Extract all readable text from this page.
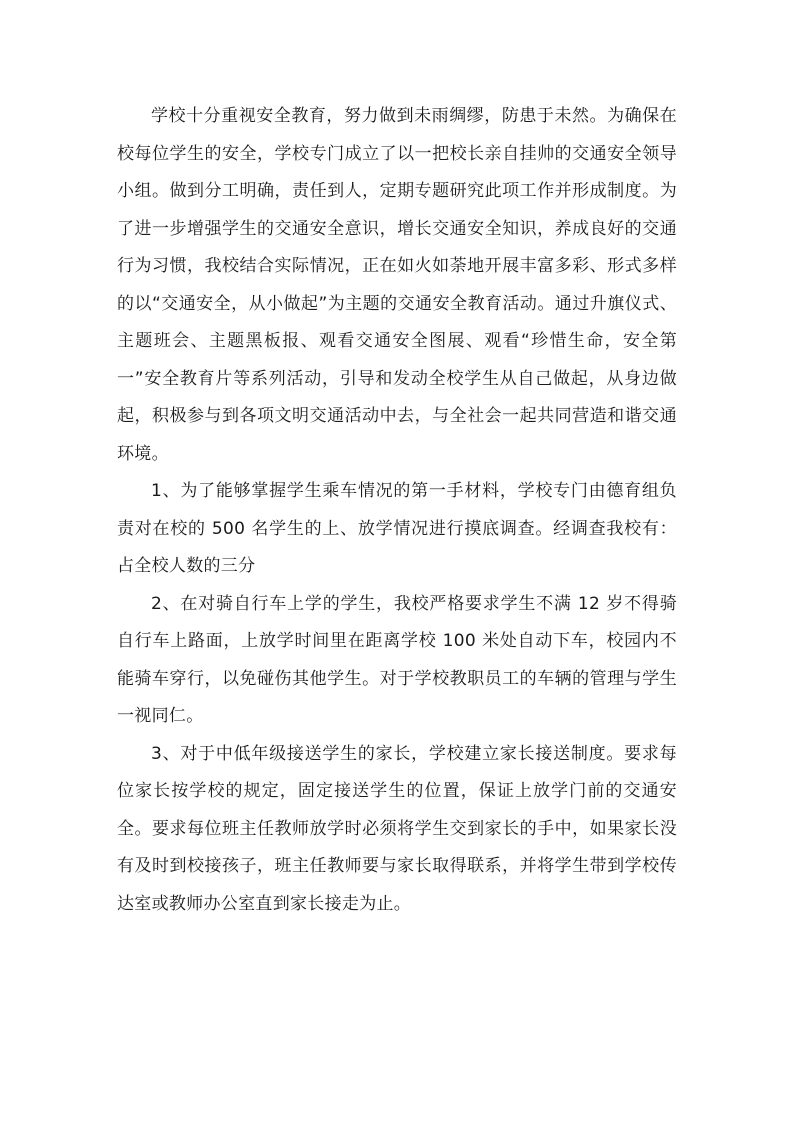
学校十分重视安全教育，努力做到未雨绸缪，防患于未然。为确保在校每位学生的安全，学校专门成立了以一把校长亲自挂帅的交通安全领导小组。做到分工明确，责任到人，定期专题研究此项工作并形成制度。为了进一步增强学生的交通安全意识，增长交通安全知识，养成良好的交通行为习惯，我校结合实际情况，正在如火如荼地开展丰富多彩、形式多样的以“交通安全，从小做起”为主题的交通安全教育活动。通过升旗仪式、主题班会、主题黑板报、观看交通安全图展、观看“珍惜生命，安全第一”安全教育片等系列活动，引导和发动全校学生从自己做起，从身边做起，积极参与到各项文明交通活动中去，与全社会一起共同营造和谐交通环境。

1、为了能够掌握学生乘车情况的第一手材料，学校专门由德育组负责对在校的 500 名学生的上、放学情况进行摸底调查。经调查我校有：占全校人数的三分

2、在对骑自行车上学的学生，我校严格要求学生不满 12 岁不得骑自行车上路面，上放学时间里在距离学校 100 米处自动下车，校园内不能骑车穿行，以免碰伤其他学生。对于学校教职员工的车辆的管理与学生一视同仁。

3、对于中低年级接送学生的家长，学校建立家长接送制度。要求每位家长按学校的规定，固定接送学生的位置，保证上放学门前的交通安全。要求每位班主任教师放学时必须将学生交到家长的手中，如果家长没有及时到校接孩子，班主任教师要与家长取得联系，并将学生带到学校传达室或教师办公室直到家长接走为止。
